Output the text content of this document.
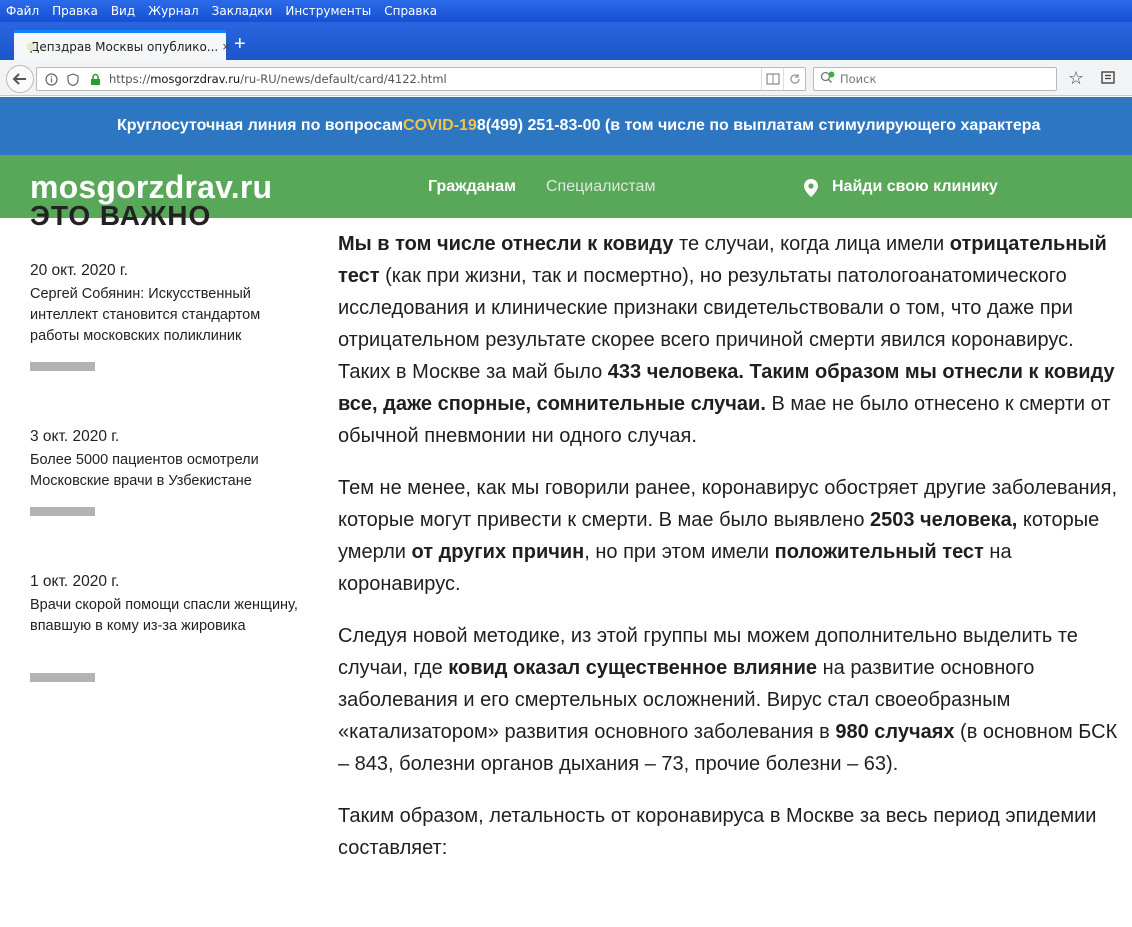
Файл Правка Вид Журнал Закладки Инструменты Справка
Депздрав Москвы опублико... × +
https://mosgorzdrav.ru/ru-RU/news/default/card/4122.html
Поиск	☆
Круглосуточная линия по вопросам COVID-19 8(499) 251-83-00 (в том числе по выплатам стимулирующего характера
mosgorzdrav.ru	Гражданам Специалистам	Найди свою клинику
ЭТО ВАЖНО
20 окт. 2020 г.
Сергей Собянин: Искусственный интеллект становится стандартом работы московских поликлиник
3 окт. 2020 г.
Более 5000 пациентов осмотрели Московские врачи в Узбекистане
1 окт. 2020 г.
Врачи скорой помощи спасли женщину, впавшую в кому из-за жировика

Мы в том числе отнесли к ковиду те случаи, когда лица имели отрицательный тест (как при жизни, так и посмертно), но результаты патологоанатомического исследования и клинические признаки свидетельствовали о том, что даже при отрицательном результате скорее всего причиной смерти явился коронавирус. Таких в Москве за май было 433 человека. Таким образом мы отнесли к ковиду все, даже спорные, сомнительные случаи. В мае не было отнесено к смерти от обычной пневмонии ни одного случая.

Тем не менее, как мы говорили ранее, коронавирус обостряет другие заболевания, которые могут привести к смерти. В мае было выявлено 2503 человека, которые умерли от других причин, но при этом имели положительный тест на коронавирус.

Следуя новой методике, из этой группы мы можем дополнительно выделить те случаи, где ковид оказал существенное влияние на развитие основного заболевания и его смертельных осложнений. Вирус стал своеобразным «катализатором» развития основного заболевания в 980 случаях (в основном БСК – 843, болезни органов дыхания – 73, прочие болезни – 63).

Таким образом, летальность от коронавируса в Москве за весь период эпидемии составляет:
